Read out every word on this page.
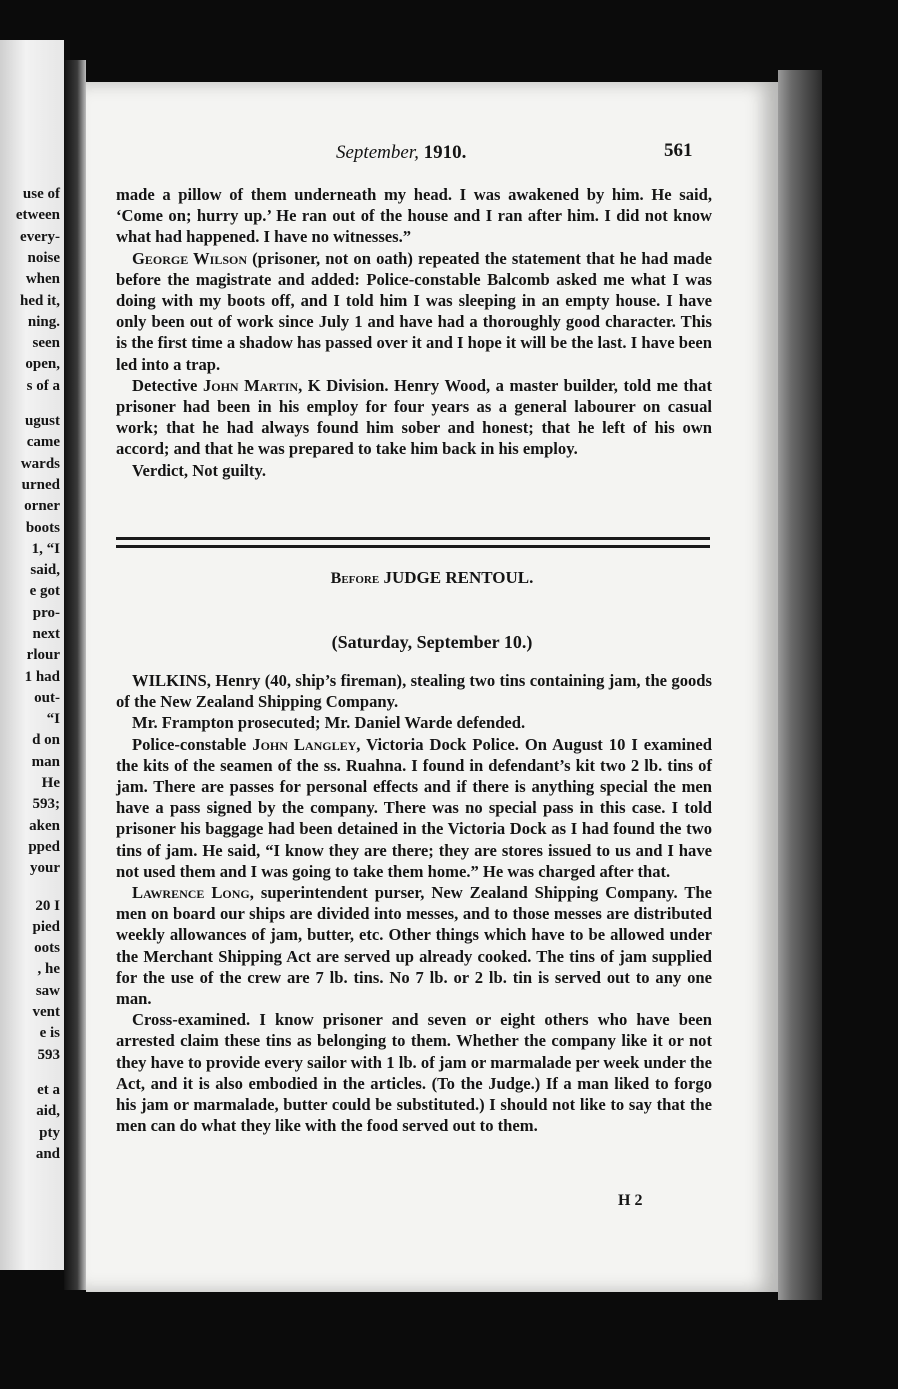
use of
etween
every-
noise
when
hed it,
ning.
seen
open,
s of a
ugust
came
wards
urned
orner
boots
1, “I
said,
e got
pro-
next
rlour
1 had
out-
“I
d on
man
He
593;
aken
pped
your
20 I
pied
oots
, he
saw
vent
e is
593
et a
aid,
pty
and
September, 1910.	561

made a pillow of them underneath my head. I was awakened by him. He said, ‘Come on; hurry up.’ He ran out of the house and I ran after him. I did not know what had happened. I have no witnesses.”

George Wilson (prisoner, not on oath) repeated the statement that he had made before the magistrate and added: Police-constable Balcomb asked me what I was doing with my boots off, and I told him I was sleeping in an empty house. I have only been out of work since July 1 and have had a thoroughly good character. This is the first time a shadow has passed over it and I hope it will be the last. I have been led into a trap.

Detective John Martin, K Division. Henry Wood, a master builder, told me that prisoner had been in his employ for four years as a general labourer on casual work; that he had always found him sober and honest; that he left of his own accord; and that he was prepared to take him back in his employ.

Verdict, Not guilty.

Before JUDGE RENTOUL.
(Saturday, September 10.)

WILKINS, Henry (40, ship’s fireman), stealing two tins containing jam, the goods of the New Zealand Shipping Company.

Mr. Frampton prosecuted; Mr. Daniel Warde defended.

Police-constable John Langley, Victoria Dock Police. On August 10 I examined the kits of the seamen of the ss. Ruahna. I found in defendant’s kit two 2 lb. tins of jam. There are passes for personal effects and if there is anything special the men have a pass signed by the company. There was no special pass in this case. I told prisoner his baggage had been detained in the Victoria Dock as I had found the two tins of jam. He said, “I know they are there; they are stores issued to us and I have not used them and I was going to take them home.” He was charged after that.

Lawrence Long, superintendent purser, New Zealand Shipping Company. The men on board our ships are divided into messes, and to those messes are distributed weekly allowances of jam, butter, etc. Other things which have to be allowed under the Merchant Shipping Act are served up already cooked. The tins of jam supplied for the use of the crew are 7 lb. tins. No 7 lb. or 2 lb. tin is served out to any one man.

Cross-examined. I know prisoner and seven or eight others who have been arrested claim these tins as belonging to them. Whether the company like it or not they have to provide every sailor with 1 lb. of jam or marmalade per week under the Act, and it is also embodied in the articles. (To the Judge.) If a man liked to forgo his jam or marmalade, butter could be substituted.) I should not like to say that the men can do what they like with the food served out to them.

H 2
